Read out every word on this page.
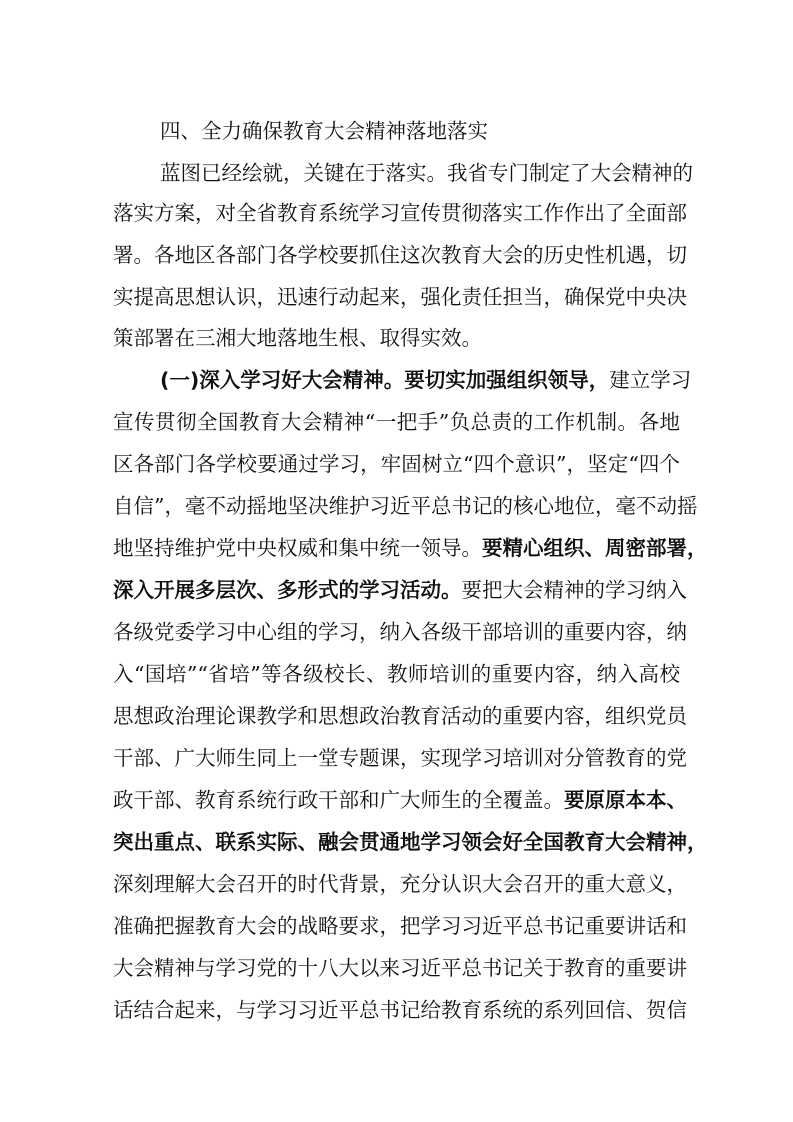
四、全力确保教育大会精神落地落实
蓝图已经绘就，关键在于落实。我省专门制定了大会精神的
落实方案，对全省教育系统学习宣传贯彻落实工作作出了全面部
署。各地区各部门各学校要抓住这次教育大会的历史性机遇，切
实提高思想认识，迅速行动起来，强化责任担当，确保党中央决
策部署在三湘大地落地生根、取得实效。
(一)深入学习好大会精神。要切实加强组织领导，建立学习
宣传贯彻全国教育大会精神“一把手”负总责的工作机制。各地
区各部门各学校要通过学习，牢固树立“四个意识”，坚定“四个
自信”，毫不动摇地坚决维护习近平总书记的核心地位，毫不动摇
地坚持维护党中央权威和集中统一领导。要精心组织、周密部署，
深入开展多层次、多形式的学习活动。要把大会精神的学习纳入
各级党委学习中心组的学习，纳入各级干部培训的重要内容，纳
入“国培”“省培”等各级校长、教师培训的重要内容，纳入高校
思想政治理论课教学和思想政治教育活动的重要内容，组织党员
干部、广大师生同上一堂专题课，实现学习培训对分管教育的党
政干部、教育系统行政干部和广大师生的全覆盖。要原原本本、
突出重点、联系实际、融会贯通地学习领会好全国教育大会精神，
深刻理解大会召开的时代背景，充分认识大会召开的重大意义，
准确把握教育大会的战略要求，把学习习近平总书记重要讲话和
大会精神与学习党的十八大以来习近平总书记关于教育的重要讲
话结合起来，与学习习近平总书记给教育系统的系列回信、贺信
